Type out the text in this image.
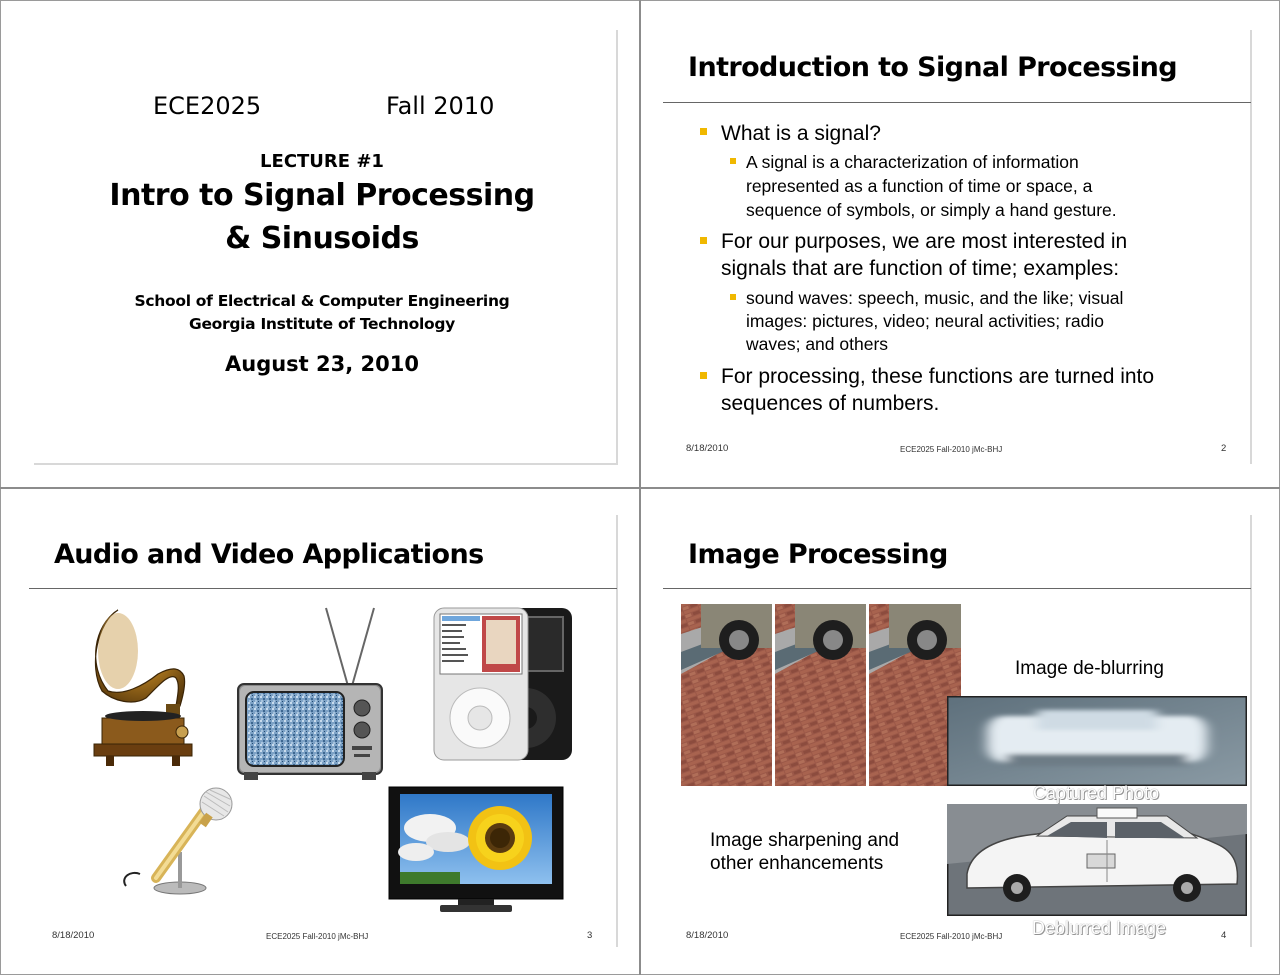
ECE2025	Fall 2010
LECTURE #1
Intro to Signal Processing
& Sinusoids
School of Electrical & Computer Engineering
Georgia Institute of Technology
August 23, 2010
Introduction to Signal Processing
What is a signal?
A signal is a characterization of information
represented as a function of time or space, a
sequence of symbols, or simply a hand gesture.
For our purposes, we are most interested in
signals that are function of time; examples:
sound waves: speech, music, and the like; visual
images: pictures, video; neural activities; radio
waves; and others
For processing, these functions are turned into
sequences of numbers.
8/18/2010	ECE2025 Fall-2010 jMc-BHJ	2
Audio and Video Applications
8/18/2010	ECE2025 Fall-2010 jMc-BHJ	3
Image Processing
Image de-blurring
Captured Photo
Image sharpening and
other enhancements
Deblurred Image
8/18/2010	ECE2025 Fall-2010 jMc-BHJ	4
